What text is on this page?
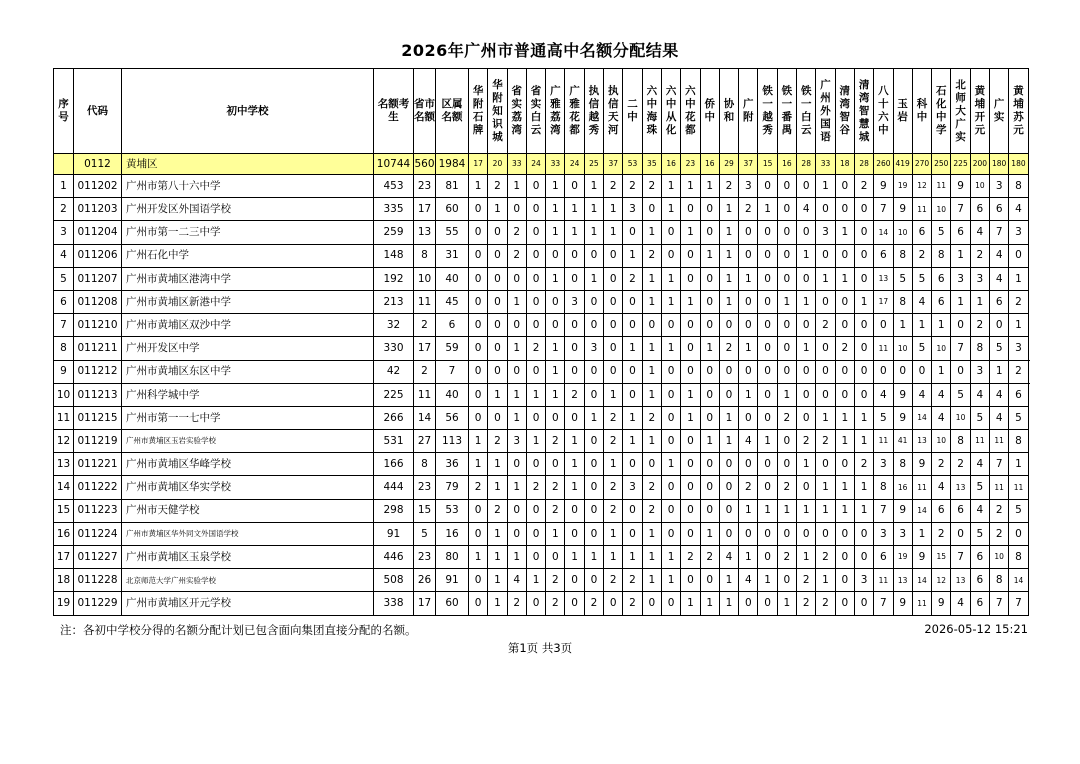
2026年广州市普通高中名额分配结果
序号	代码	初中学校	名额考生	省市名额	区属名额	华附石牌	华附知识城	省实荔湾	省实白云	广雅荔湾	广雅花都	执信越秀	执信天河	二中	六中海珠	六中从化	六中花都	侨中	协和	广附	铁一越秀	铁一番禺	铁一白云	广州外国语	清湾智谷	清湾智慧城	八十六中	玉岩	科中	石化中学	北师大广实	黄埔开元	广实	黄埔苏元	

	0112	黄埔区	10744	560	1984	17	20	33	24	33	24	25	37	53	35	16	23	16	29	37	15	16	28	33	18	28	260	419	270	250	225	200	180	180	
1	011202	广州市第八十六中学	453	23	81	1	2	1	0	1	0	1	2	2	2	1	1	1	2	3	0	0	0	1	0	2	9	19	12	11	9	10	3	8	
2	011203	广州开发区外国语学校	335	17	60	0	1	0	0	1	1	1	1	3	0	1	0	0	1	2	1	0	4	0	0	0	7	9	11	10	7	6	6	4	
3	011204	广州市第一二三中学	259	13	55	0	0	2	0	1	1	1	1	0	1	0	1	0	1	0	0	0	0	3	1	0	14	10	6	5	6	4	7	3	
4	011206	广州石化中学	148	8	31	0	0	2	0	0	0	0	0	1	2	0	0	1	1	0	0	0	1	0	0	0	6	8	2	8	1	2	4	0	
5	011207	广州市黄埔区港湾中学	192	10	40	0	0	0	0	1	0	1	0	2	1	1	0	0	1	1	0	0	0	1	1	0	13	5	5	6	3	3	4	1	
6	011208	广州市黄埔区新港中学	213	11	45	0	0	1	0	0	3	0	0	0	1	1	1	0	1	0	0	1	1	0	0	1	17	8	4	6	1	1	6	2	
7	011210	广州市黄埔区双沙中学	32	2	6	0	0	0	0	0	0	0	0	0	0	0	0	0	0	0	0	0	0	2	0	0	0	1	1	1	0	2	0	1	
8	011211	广州开发区中学	330	17	59	0	0	1	2	1	0	3	0	1	1	1	0	1	2	1	0	0	1	0	2	0	11	10	5	10	7	8	5	3	
9	011212	广州市黄埔区东区中学	42	2	7	0	0	0	0	1	0	0	0	0	1	0	0	0	0	0	0	0	0	0	0	0	0	0	0	1	0	3	1	2	
10	011213	广州科学城中学	225	11	40	0	1	1	1	1	2	0	1	0	1	0	1	0	0	1	0	1	0	0	0	0	4	9	4	4	5	4	4	6	
11	011215	广州市第一一七中学	266	14	56	0	0	1	0	0	0	1	2	1	2	0	1	0	1	0	0	2	0	1	1	1	5	9	14	4	10	5	4	5	
12	011219	广州市黄埔区玉岩实验学校	531	27	113	1	2	3	1	2	1	0	2	1	1	0	0	1	1	4	1	0	2	2	1	1	11	41	13	10	8	11	11	8	
13	011221	广州市黄埔区华峰学校	166	8	36	1	1	0	0	0	1	0	1	0	0	1	0	0	0	0	0	0	1	0	0	2	3	8	9	2	2	4	7	1	
14	011222	广州市黄埔区华实学校	444	23	79	2	1	1	2	2	1	0	2	3	2	0	0	0	0	2	0	2	0	1	1	1	8	16	11	4	13	5	11	11	
15	011223	广州市天健学校	298	15	53	0	2	0	0	2	0	0	2	0	2	0	0	0	0	1	1	1	1	1	1	1	7	9	14	6	6	4	2	5	
16	011224	广州市黄埔区华外同文外国语学校	91	5	16	0	1	0	0	1	0	0	1	0	1	0	0	1	0	0	0	0	0	0	0	0	3	3	1	2	0	5	2	0	
17	011227	广州市黄埔区玉泉学校	446	23	80	1	1	1	0	0	1	1	1	1	1	1	2	2	4	1	0	2	1	2	0	0	6	19	9	15	7	6	10	8	
18	011228	北京师范大学广州实验学校	508	26	91	0	1	4	1	2	0	0	2	2	1	1	0	0	1	4	1	0	2	1	0	3	11	13	14	12	13	6	8	14	
19	011229	广州市黄埔区开元学校	338	17	60	0	1	2	0	2	0	2	0	2	0	0	1	1	1	0	0	1	2	2	0	0	7	9	11	9	4	6	7	7	
注：各初中学校分得的名额分配计划已包含面向集团直接分配的名额。	2026-05-12 15:21
第1页 共3页
